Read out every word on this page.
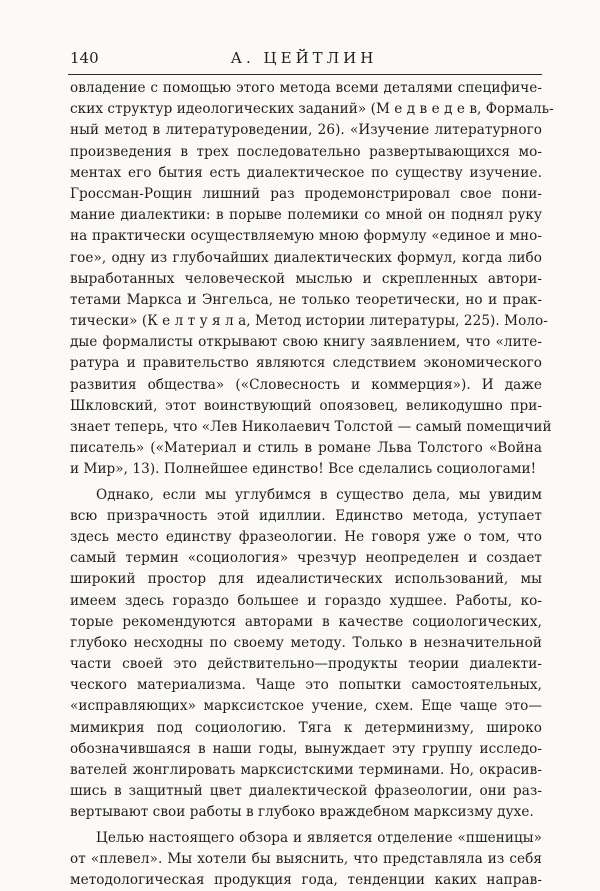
140	А. ЦЕЙТЛИН
овладение с помощью этого метода всеми деталями специфиче-
ских структур идеологических заданий» (М е д в е д е в, Формаль-
ный метод в литературоведении, 26). «Изучение литературного
произведения в трех последовательно развертывающихся мо-
ментах его бытия есть диалектическое по существу изучение.
Гроссман-Рощин лишний раз продемонстрировал свое пони-
мание диалектики: в порыве полемики со мной он поднял руку
на практически осуществляемую мною формулу «единое и мно-
гое», одну из глубочайших диалектических формул, когда либо
выработанных человеческой мыслью и скрепленных автори-
тетами Маркса и Энгельса, не только теоретически, но и прак-
тически» (К е л т у я л а, Метод истории литературы, 225). Моло-
дые формалисты открывают свою книгу заявлением, что «лите-
ратура и правительство являются следствием экономического
развития общества» («Словесность и коммерция»). И даже
Шкловский, этот воинствующий опоязовец, великодушно при-
знает теперь, что «Лев Николаевич Толстой — самый помещичий
писатель» («Материал и стиль в романе Льва Толстого «Война
и Мир», 13). Полнейшее единство! Все сделались социологами!
Однако, если мы углубимся в существо дела, мы увидим
всю призрачность этой идиллии. Единство метода, уступает
здесь место единству фразеологии. Не говоря уже о том, что
самый термин «социология» чрезчур неопределен и создает
широкий простор для идеалистических использований, мы
имеем здесь гораздо большее и гораздо худшее. Работы, ко-
торые рекомендуются авторами в качестве социологических,
глубоко несходны по своему методу. Только в незначительной
части своей это действительно—продукты теории диалекти-
ческого материализма. Чаще это попытки самостоятельных,
«исправляющих» марксистское учение, схем. Еще чаще это—
мимикрия под социологию. Тяга к детерминизму, широко
обозначившаяся в наши годы, вынуждает эту группу исследо-
вателей жонглировать марксистскими терминами. Но, окрасив-
шись в защитный цвет диалектической фразеологии, они раз-
вертывают свои работы в глубоко враждебном марксизму духе.
Целью настоящего обзора и является отделение «пшеницы»
от «плевел». Мы хотели бы выяснить, что представляла из себя
методологическая продукция года, тенденции каких направ-
